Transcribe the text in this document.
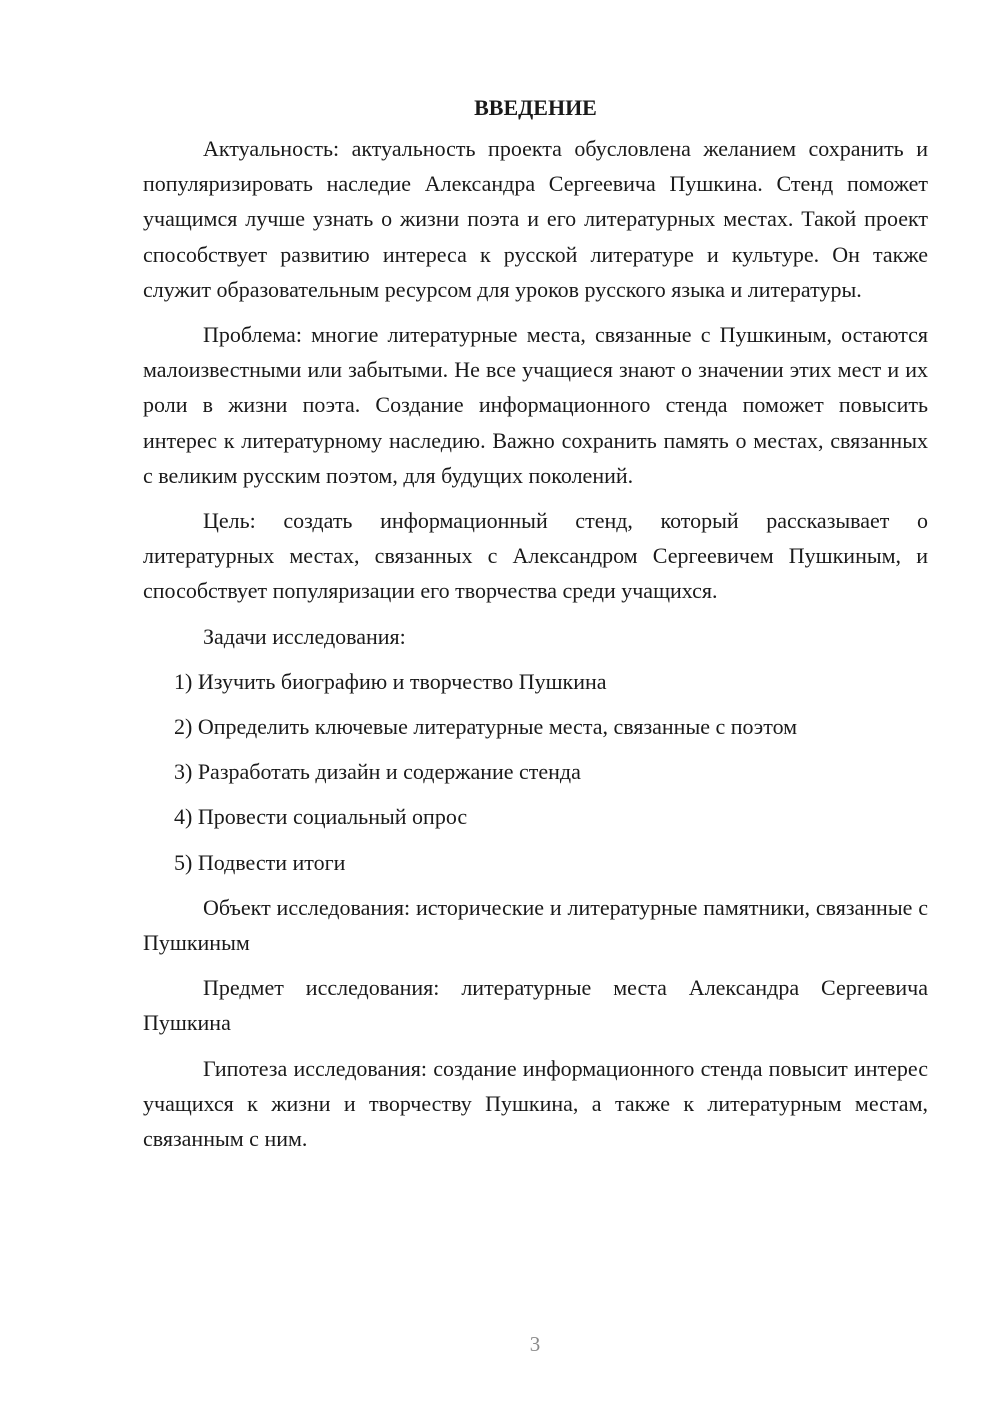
ВВЕДЕНИЕ

Актуальность: актуальность проекта обусловлена желанием сохранить и популяризировать наследие Александра Сергеевича Пушкина. Стенд поможет учащимся лучше узнать о жизни поэта и его литературных местах. Такой проект способствует развитию интереса к русской литературе и культуре. Он также служит образовательным ресурсом для уроков русского языка и литературы.

Проблема: многие литературные места, связанные с Пушкиным, остаются малоизвестными или забытыми. Не все учащиеся знают о значении этих мест и их роли в жизни поэта. Создание информационного стенда поможет повысить интерес к литературному наследию. Важно сохранить память о местах, связанных с великим русским поэтом, для будущих поколений.

Цель: создать информационный стенд, который рассказывает о литературных местах, связанных с Александром Сергеевичем Пушкиным, и способствует популяризации его творчества среди учащихся.

Задачи исследования:

1) Изучить биографию и творчество Пушкина
2) Определить ключевые литературные места, связанные с поэтом
3) Разработать дизайн и содержание стенда
4) Провести социальный опрос
5) Подвести итоги

Объект исследования: исторические и литературные памятники, связанные с Пушкиным

Предмет исследования: литературные места Александра Сергеевича Пушкина

Гипотеза исследования: создание информационного стенда повысит интерес учащихся к жизни и творчеству Пушкина, а также к литературным местам, связанным с ним.

3
